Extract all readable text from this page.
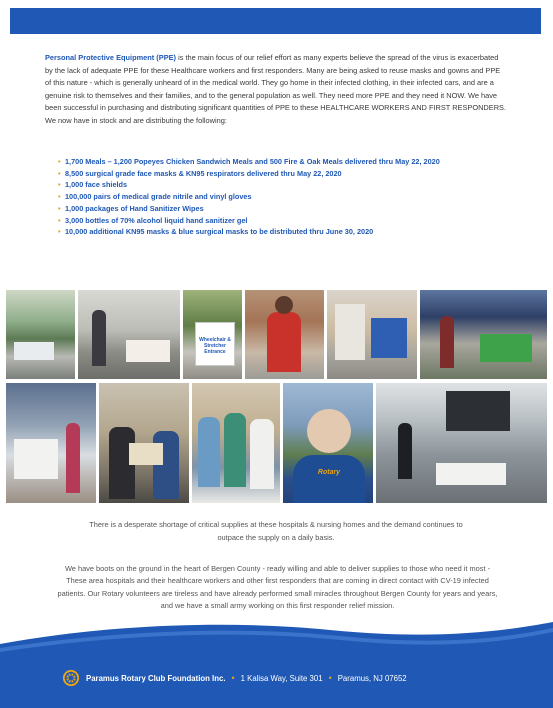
Personal Protective Equipment (PPE) is the main focus of our relief effort as many experts believe the spread of the virus is exacerbated by the lack of adequate PPE for these Healthcare workers and first responders. Many are being asked to reuse masks and gowns and PPE of this nature - which is generally unheard of in the medical world. They go home in their infected clothing, in their infected cars, and are a genuine risk to themselves and their families, and to the general population as well. They need more PPE and they need it NOW. We have been successful in purchasing and distributing significant quantities of PPE to these HEALTHCARE WORKERS AND FIRST RESPONDERS. We now have in stock and are distributing the following:

• 1,700 Meals – 1,200 Popeyes Chicken Sandwich Meals and 500 Fire & Oak Meals delivered thru May 22, 2020
• 8,500 surgical grade face masks & KN95 respirators delivered thru May 22, 2020
• 1,000 face shields
• 100,000 pairs of medical grade nitrile and vinyl gloves
• 1,000 packages of Hand Sanitizer Wipes
• 3,000 bottles of 70% alcohol liquid hand sanitizer gel
• 10,000 additional KN95 masks & blue surgical masks to be distributed thru June 30, 2020
Wheelchair & Stretcher Entrance
Rotary

There is a desperate shortage of critical supplies at these hospitals & nursing homes and the demand continues to outpace the supply on a daily basis.

We have boots on the ground in the heart of Bergen County - ready willing and able to deliver supplies to those who need it most - These area hospitals and their healthcare workers and other first responders that are coming in direct contact with CV-19 infected patients. Our Rotary volunteers are tireless and have already performed small miracles throughout Bergen County for years and years, and we have a small army working on this first responder relief mission.

Paramus Rotary Club Foundation Inc. • 1 Kalisa Way, Suite 301 • Paramus, NJ 07652
